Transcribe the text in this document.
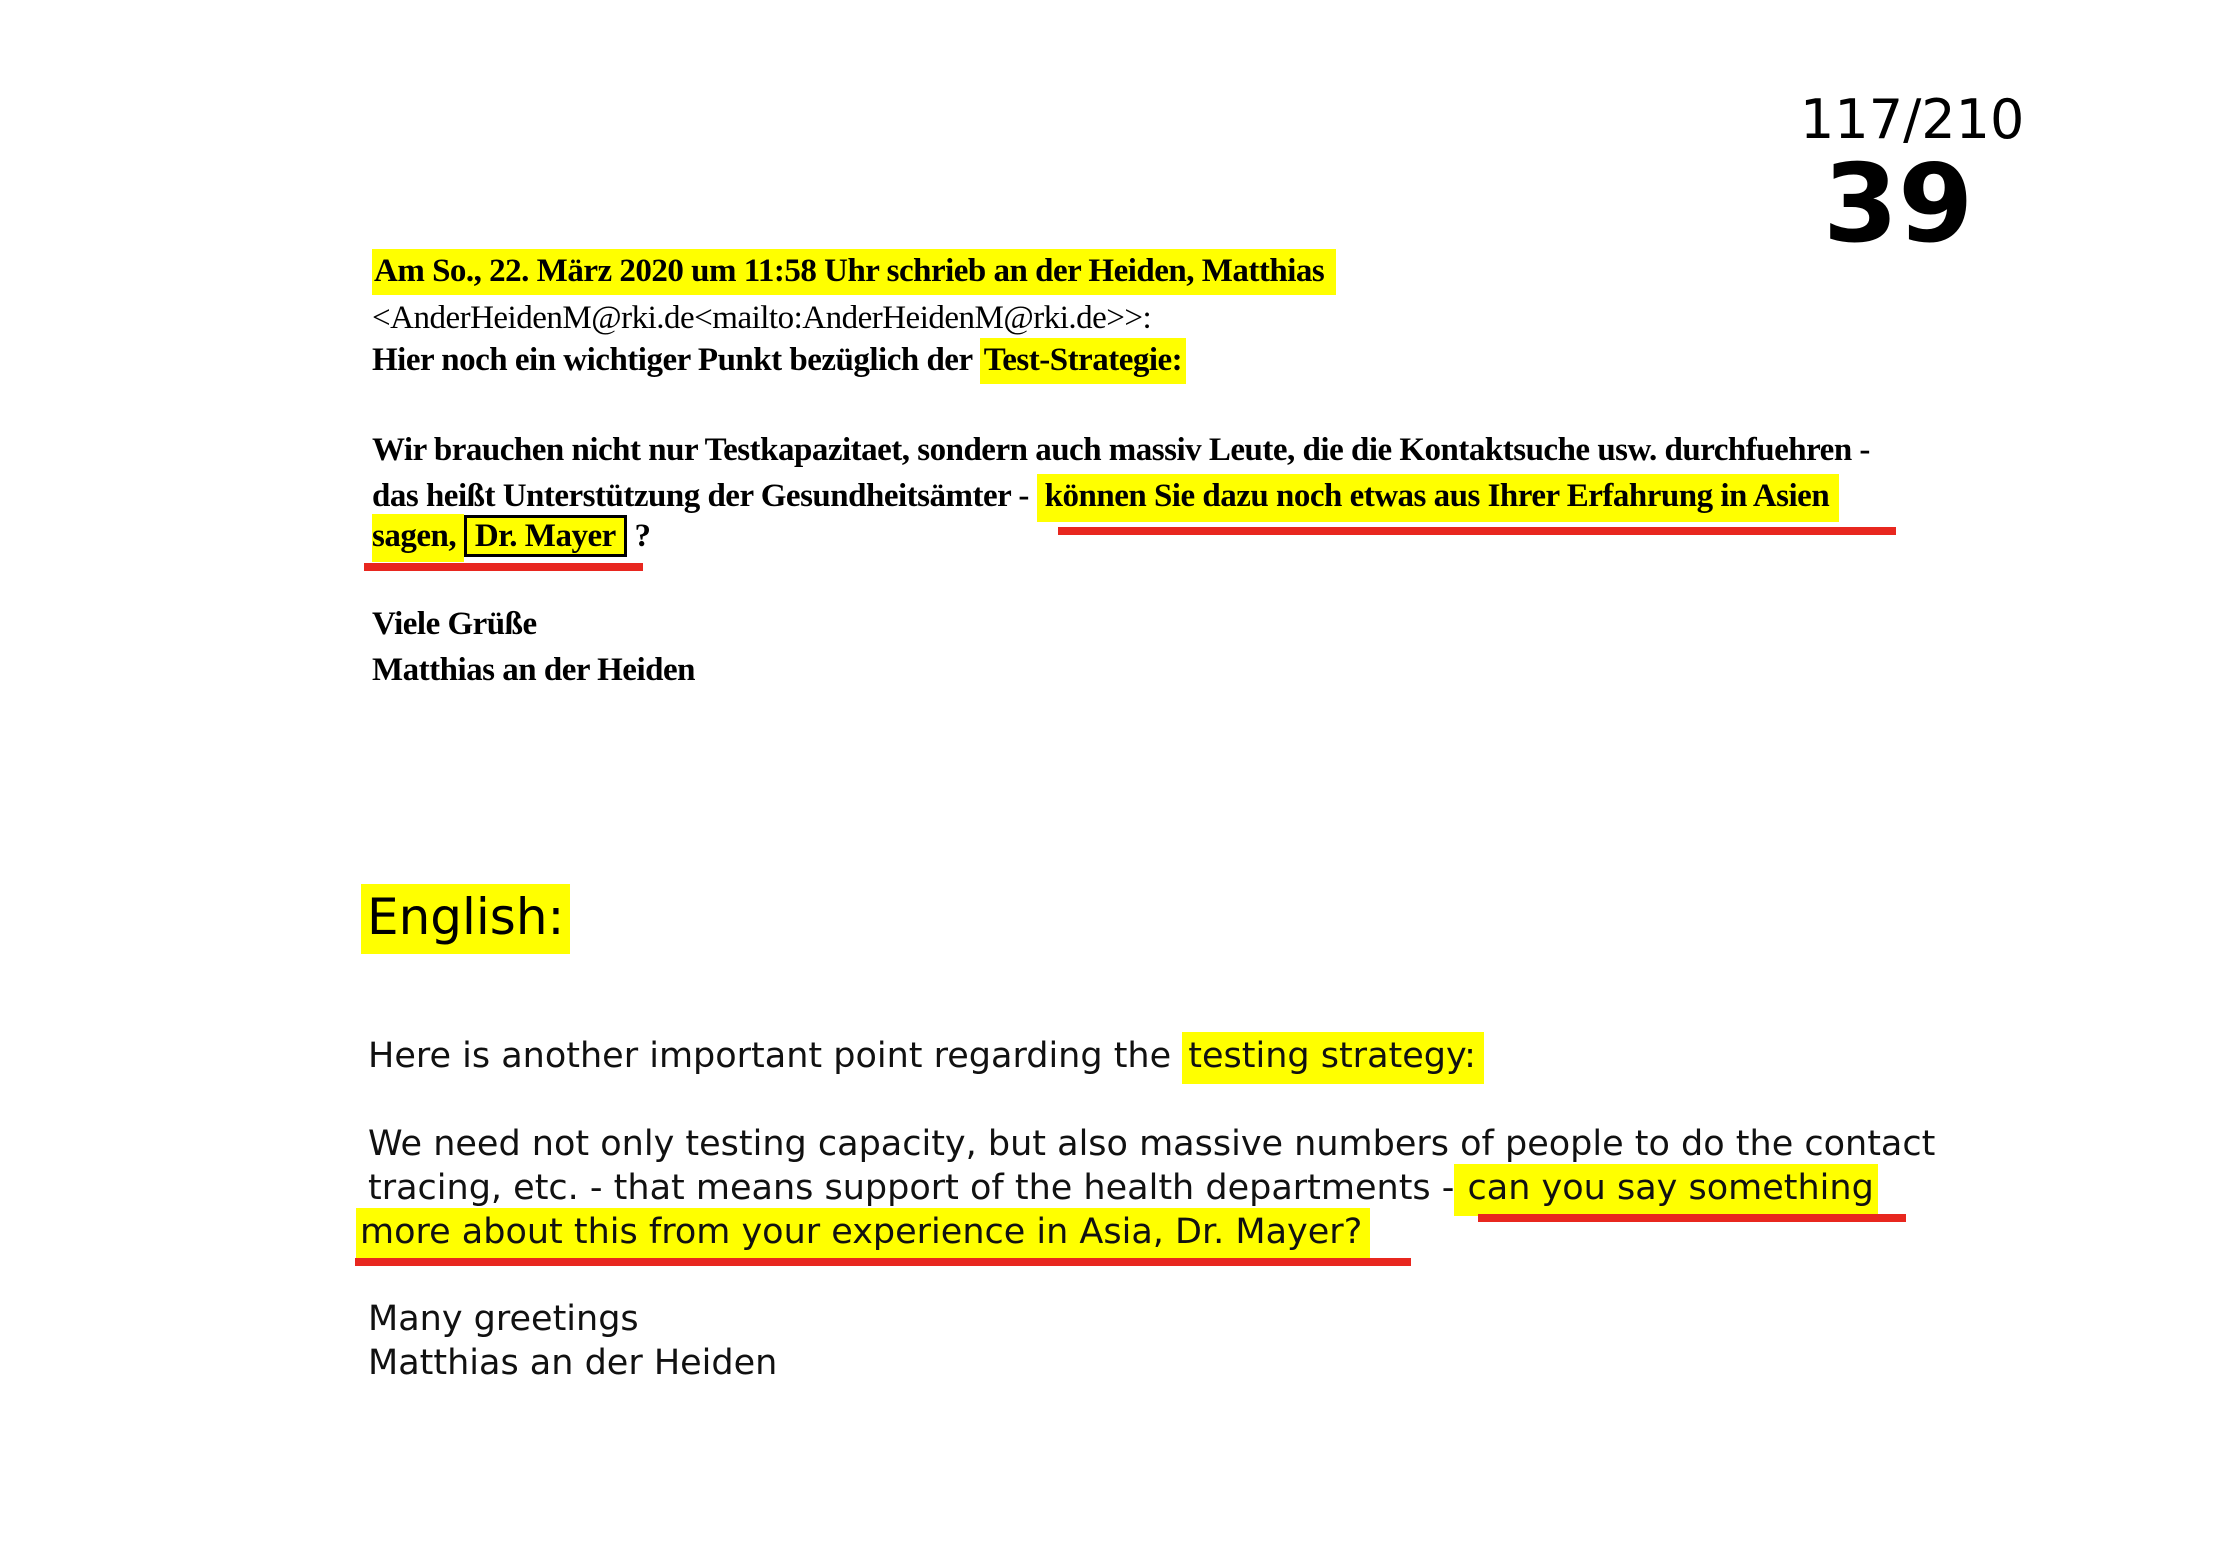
117/210
39
Am So., 22. März 2020 um 11:58 Uhr schrieb an der Heiden, Matthias
<AnderHeidenM@rki.de<mailto:AnderHeidenM@rki.de>>:
Hier noch ein wichtiger Punkt bezüglich der Test-Strategie:
Wir brauchen nicht nur Testkapazitaet, sondern auch massiv Leute, die die Kontaktsuche usw. durchfuehren -
das heißt Unterstützung der Gesundheitsämter - können Sie dazu noch etwas aus Ihrer Erfahrung in Asien
sagen, Dr. Mayer ?
Viele Grüße
Matthias an der Heiden
English:
Here is another important point regarding the testing strategy:
We need not only testing capacity, but also massive numbers of people to do the contact
tracing, etc. - that means support of the health departments - can you say something
more about this from your experience in Asia, Dr. Mayer?
Many greetings
Matthias an der Heiden
